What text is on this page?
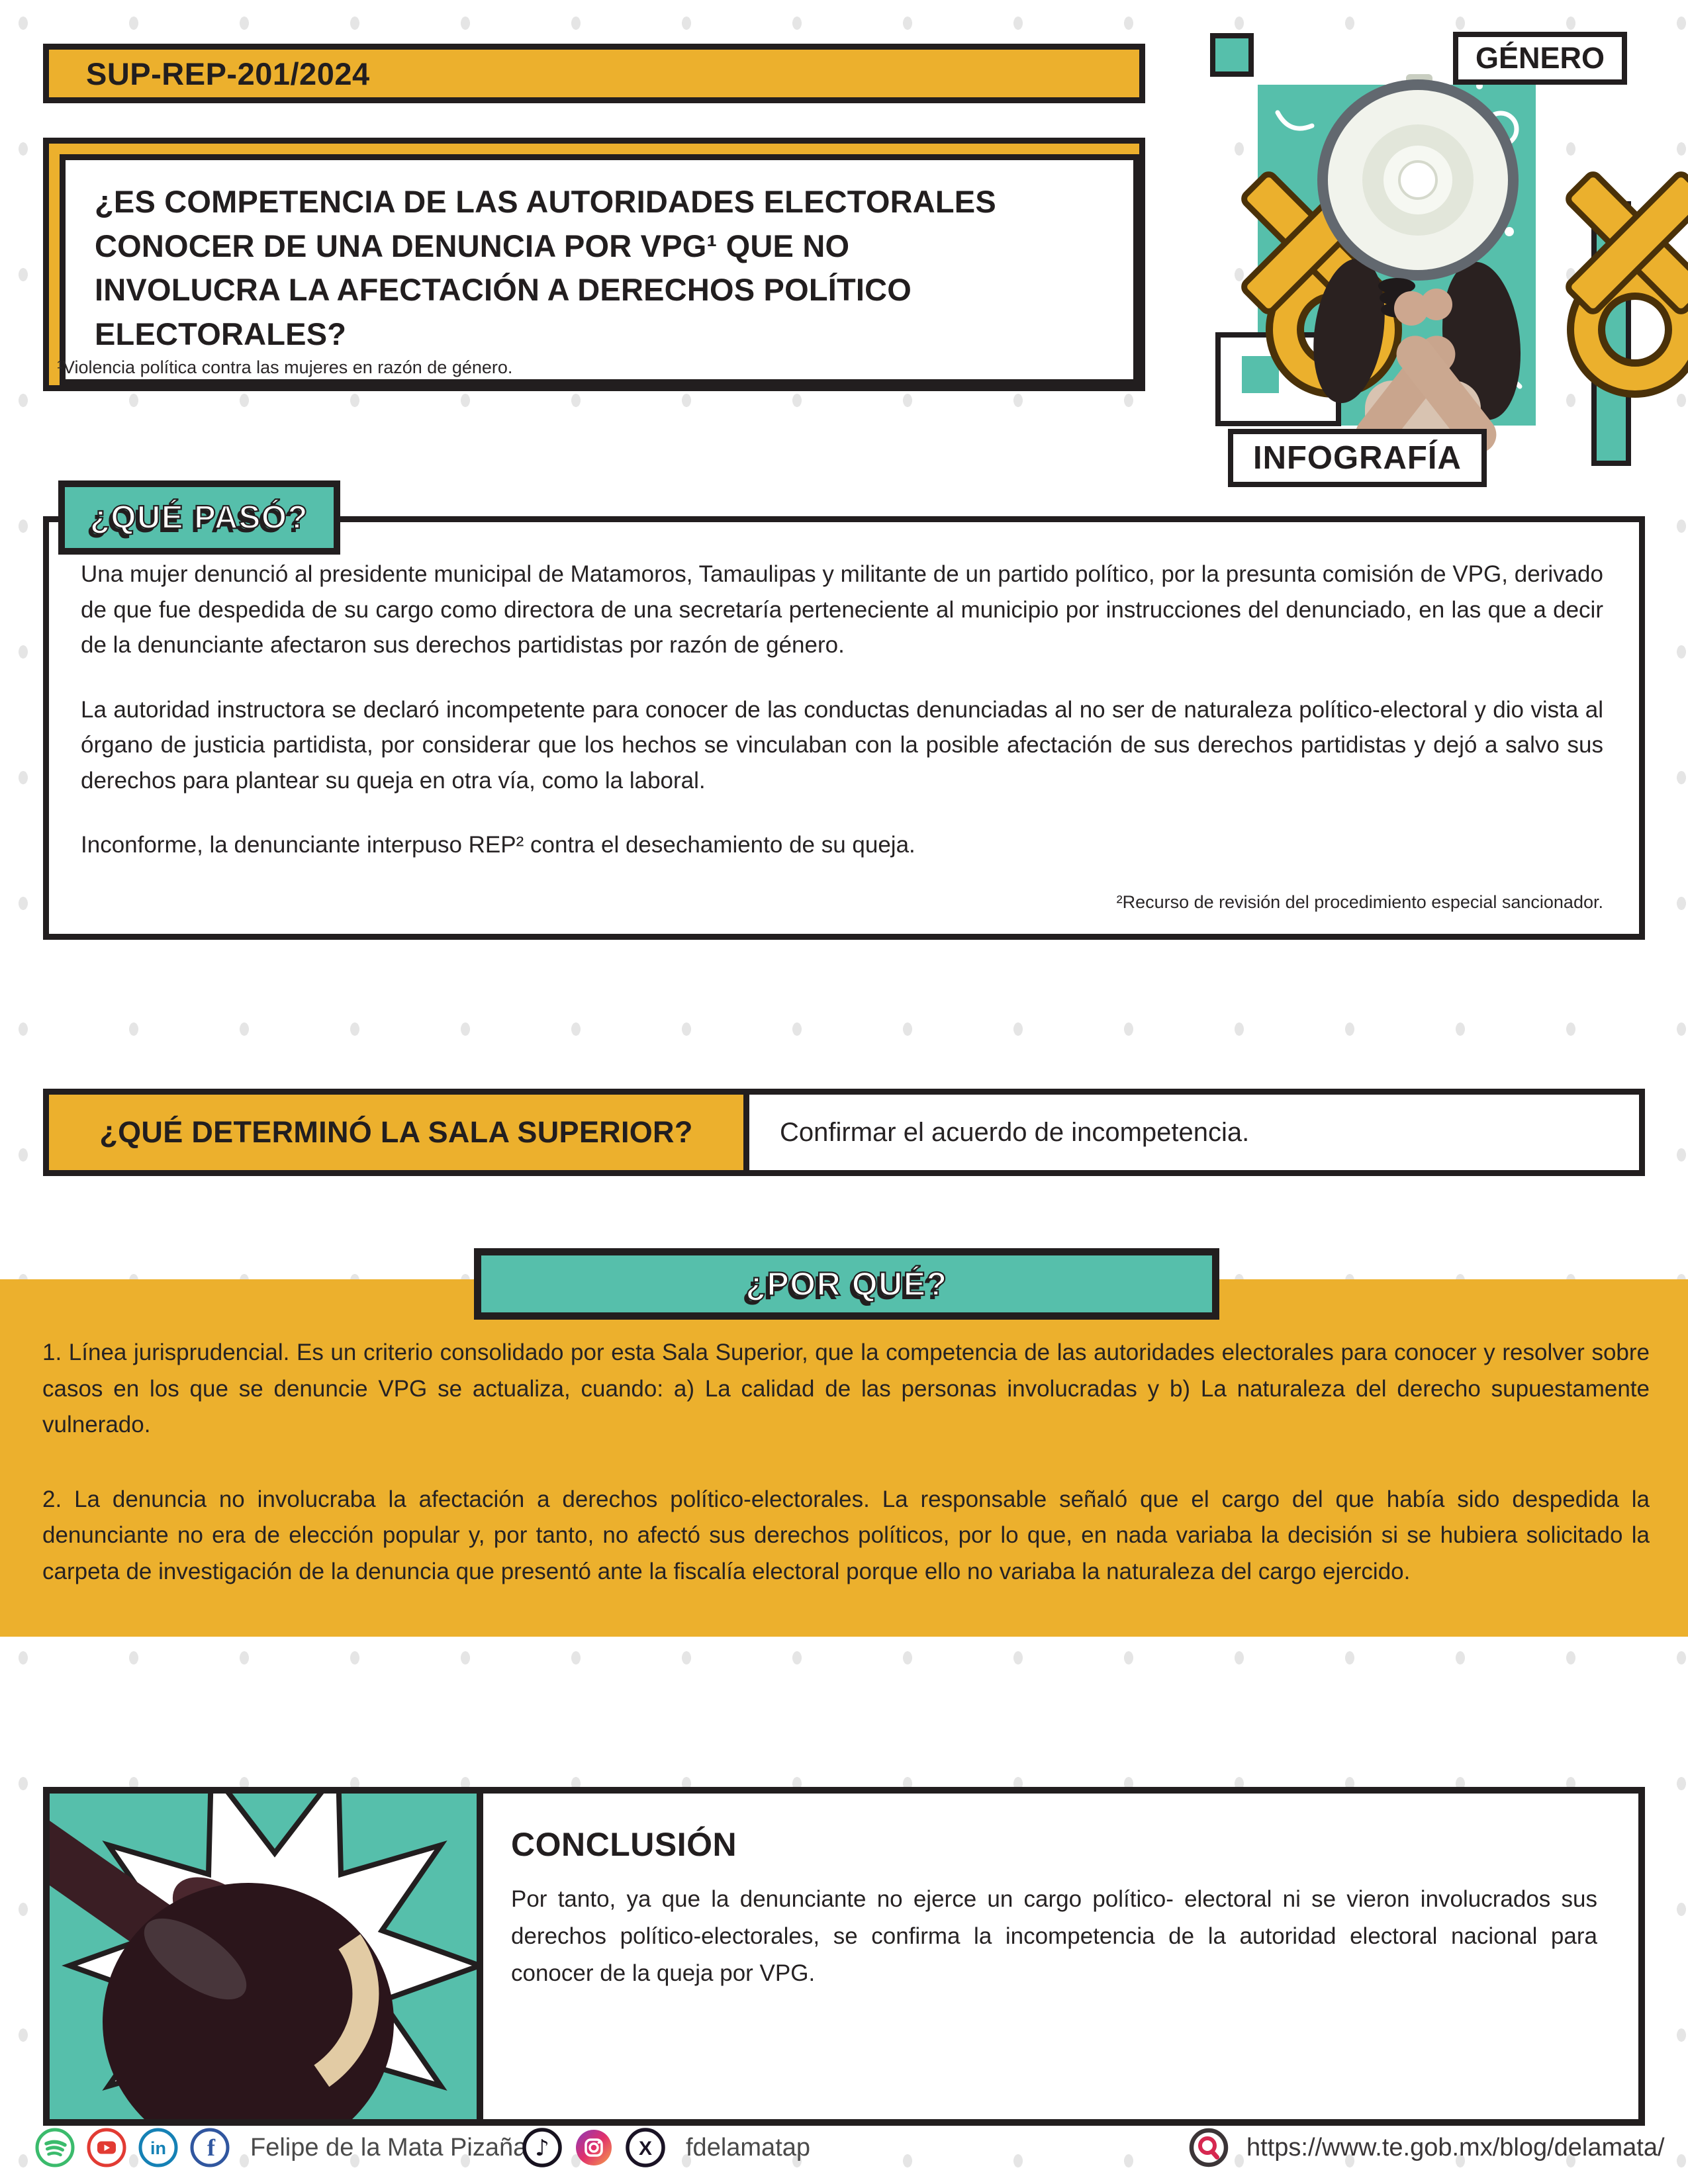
SUP-REP-201/2024
¿ES COMPETENCIA DE LAS AUTORIDADES ELECTORALES
CONOCER DE UNA DENUNCIA POR VPG¹ QUE NO
INVOLUCRA LA AFECTACIÓN A DERECHOS POLÍTICO
ELECTORALES?
¹Violencia política contra las mujeres en razón de género.
GÉNERO
INFOGRAFÍA

Una mujer denunció al presidente municipal de Matamoros, Tamaulipas y militante de un partido político, por la presunta comisión de VPG, derivado de que fue despedida de su cargo como directora de una secretaría perteneciente al municipio por instrucciones del denunciado, en las que a decir de la denunciante afectaron sus derechos partidistas por razón de género.

La autoridad instructora se declaró incompetente para conocer de las conductas denunciadas al no ser de naturaleza político-electoral y dio vista al órgano de justicia partidista, por considerar que los hechos se vinculaban con la posible afectación de sus derechos partidistas y dejó a salvo sus derechos para plantear su queja en otra vía, como la laboral.

Inconforme, la denunciante interpuso REP² contra el desechamiento de su queja.

²Recurso de revisión del procedimiento especial sancionador.
¿QUÉ PASÓ?
¿QUÉ DETERMINÓ LA SALA SUPERIOR?	Confirmar el acuerdo de incompetencia.

1. Línea jurisprudencial. Es un criterio consolidado por esta Sala Superior, que la competencia de las autoridades electorales para conocer y resolver sobre casos en los que se denuncie VPG se actualiza, cuando: a) La calidad de las personas involucradas y b) La naturaleza del derecho supuestamente vulnerado.

2. La denuncia no involucraba la afectación a derechos político-electorales. La responsable señaló que el cargo del que había sido despedida la denunciante no era de elección popular y, por tanto, no afectó sus derechos políticos, por lo que, en nada variaba la decisión si se hubiera solicitado la carpeta de investigación de la denuncia que presentó ante la fiscalía electoral porque ello no variaba la naturaleza del cargo ejercido.

¿POR QUÉ?
CONCLUSIÓN

Por tanto, ya que la denunciante no ejerce un cargo político- electoral ni se vieron involucrados sus derechos político-electorales, se confirma la incompetencia de la autoridad electoral nacional para conocer de la queja por VPG.

in f Felipe de la Mata Pizaña ♪	X fdelamatap	https://www.te.gob.mx/blog/delamata/
